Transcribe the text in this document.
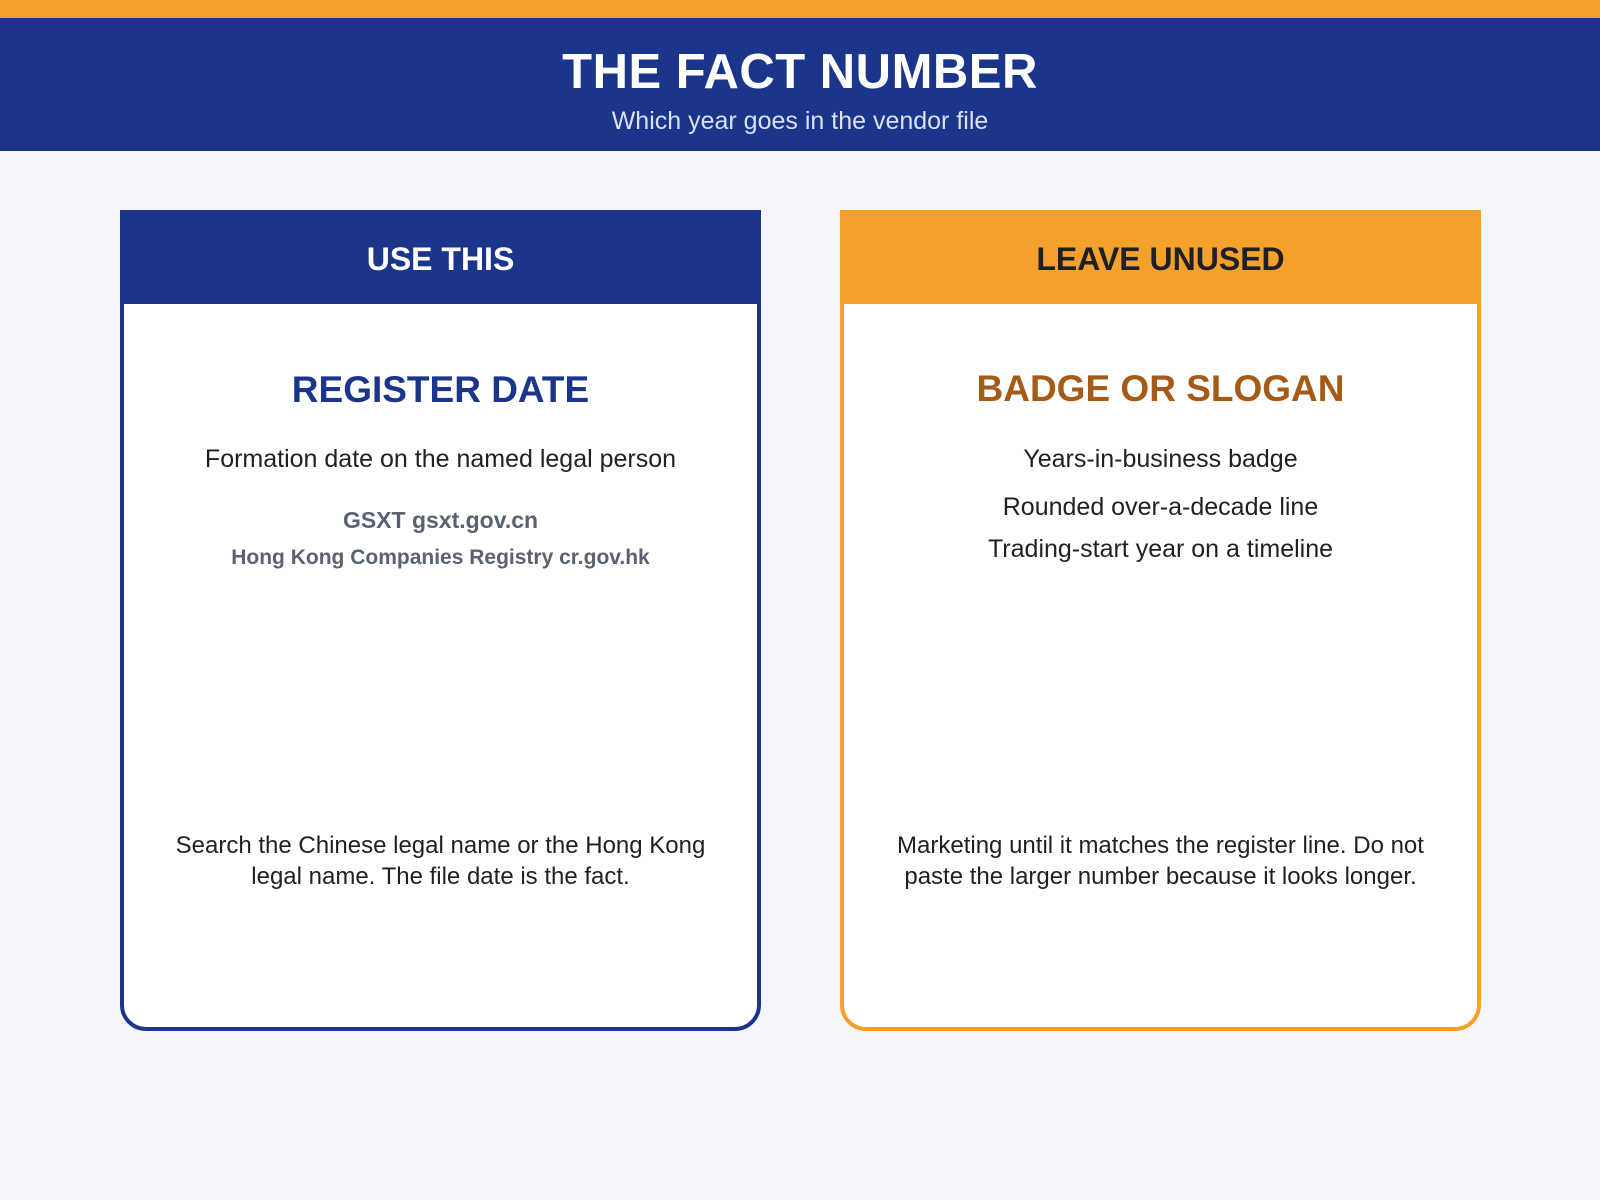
THE FACT NUMBER
Which year goes in the vendor file
USE THIS
REGISTER DATE
Formation date on the named legal person
GSXT gsxt.gov.cn
Hong Kong Companies Registry cr.gov.hk
Search the Chinese legal name or the Hong Kong legal name. The file date is the fact.
LEAVE UNUSED
BADGE OR SLOGAN
Years-in-business badge
Rounded over-a-decade line
Trading-start year on a timeline
Marketing until it matches the register line. Do not paste the larger number because it looks longer.
